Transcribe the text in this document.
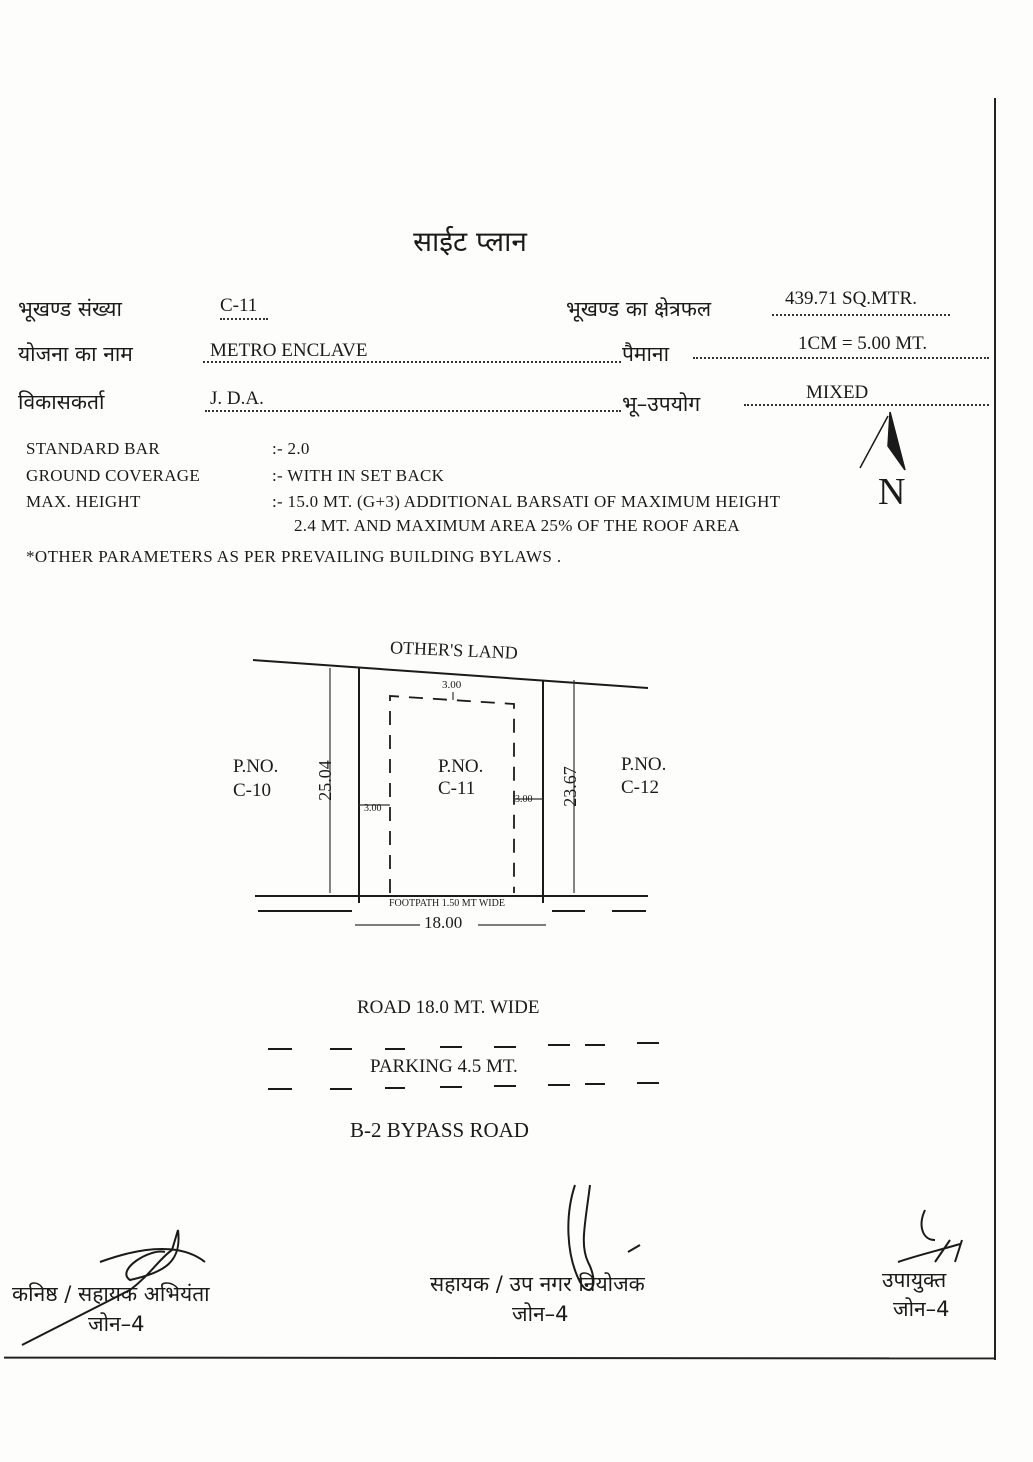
साईट प्लान
भूखण्ड संख्या	C-11	भूखण्ड का क्षेत्रफल	439.71 SQ.MTR.
योजना का नाम	METRO ENCLAVE	पैमाना	1CM = 5.00 MT.
विकासकर्ता	J. D.A.	भू–उपयोग	MIXED
STANDARD BAR	:- 2.0
GROUND COVERAGE	:- WITH IN SET BACK
MAX. HEIGHT	:- 15.0 MT. (G+3) ADDITIONAL BARSATI OF MAXIMUM HEIGHT
2.4 MT. AND MAXIMUM AREA 25% OF THE ROOF AREA
*OTHER PARAMETERS AS PER PREVAILING BUILDING BYLAWS .
N
OTHER'S LAND
P.NO.
C-10
P.NO.
C-11
P.NO.
C-12
25.04	23.67
3.00
3.00
3.00
FOOTPATH 1.50 MT WIDE
18.00
ROAD 18.0 MT. WIDE
PARKING 4.5 MT.
B-2 BYPASS ROAD
कनिष्ठ / सहायक अभियंता
जोन–4
सहायक / उप नगर नियोजक
जोन–4
उपायुक्त
जोन–4
